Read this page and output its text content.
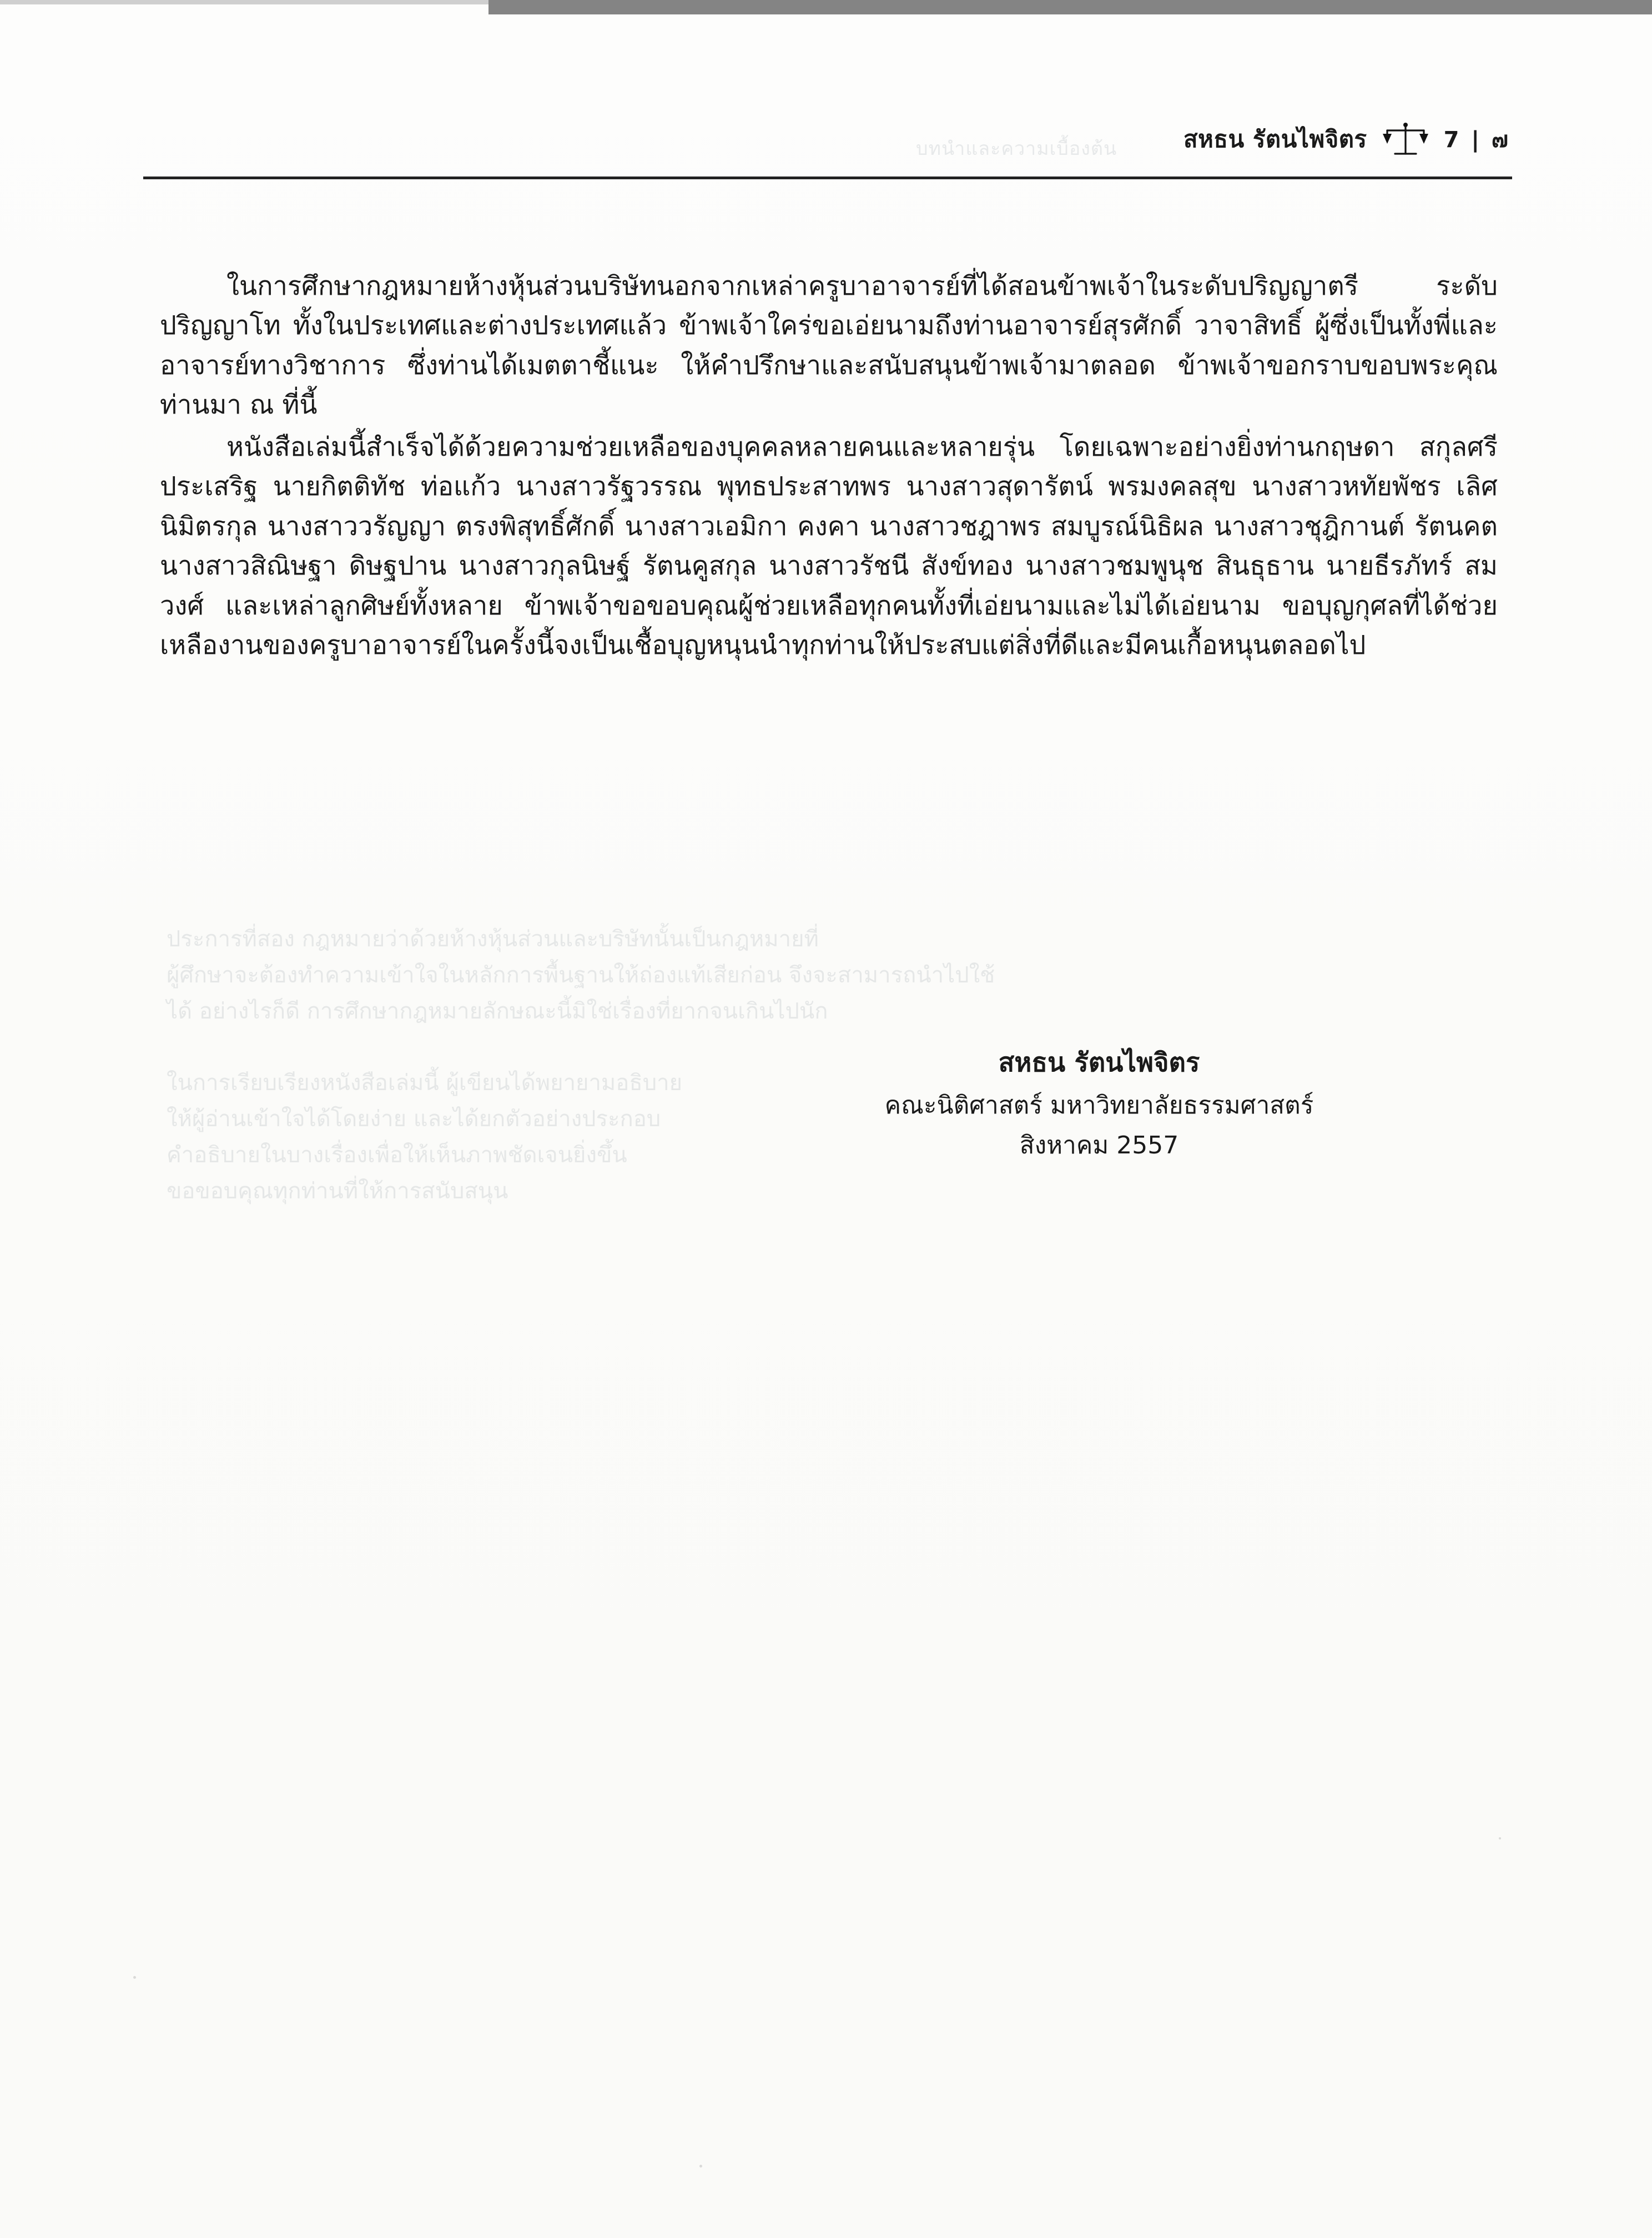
บทนำและความเบื้องต้น	สหธน รัตนไพจิตร	7 | ๗
ประการที่สอง กฎหมายว่าด้วยห้างหุ้นส่วนและบริษัทนั้นเป็นกฎหมายที่
ผู้ศึกษาจะต้องทำความเข้าใจในหลักการพื้นฐานให้ถ่องแท้เสียก่อน จึงจะสามารถนำไปใช้
ได้ อย่างไรก็ดี การศึกษากฎหมายลักษณะนี้มิใช่เรื่องที่ยากจนเกินไปนัก

ในการเรียบเรียงหนังสือเล่มนี้ ผู้เขียนได้พยายามอธิบาย
ให้ผู้อ่านเข้าใจได้โดยง่าย และได้ยกตัวอย่างประกอบ
คำอธิบายในบางเรื่องเพื่อให้เห็นภาพชัดเจนยิ่งขึ้น
ขอขอบคุณทุกท่านที่ให้การสนับสนุน

ในการศึกษากฎหมายห้างหุ้นส่วนบริษัทนอกจากเหล่าครูบาอาจารย์ที่ได้สอนข้าพเจ้าในระดับปริญญาตรี ระดับปริญญาโท ทั้งในประเทศและต่างประเทศแล้ว ข้าพเจ้าใคร่ขอเอ่ยนามถึงท่านอาจารย์สุรศักดิ์ วาจาสิทธิ์ ผู้ซึ่งเป็นทั้งพี่และอาจารย์ทางวิชาการ ซึ่งท่านได้เมตตาชี้แนะ ให้คำปรึกษาและสนับสนุนข้าพเจ้ามาตลอด ข้าพเจ้าขอกราบขอบพระคุณท่านมา ณ ที่นี้

หนังสือเล่มนี้สำเร็จได้ด้วยความช่วยเหลือของบุคคลหลายคนและหลายรุ่น โดยเฉพาะอย่างยิ่งท่านกฤษดา สกุลศรีประเสริฐ นายกิตติทัช ท่อแก้ว นางสาวรัฐวรรณ พุทธประสาทพร นางสาวสุดารัตน์ พรมงคลสุข นางสาวหทัยพัชร เลิศนิมิตรกุล นางสาววรัญญา ตรงพิสุทธิ์ศักดิ์ นางสาวเอมิกา คงคา นางสาวชฎาพร สมบูรณ์นิธิผล นางสาวชุฎิกานต์ รัตนคต นางสาวสิณิษฐา ดิษฐปาน นางสาวกุลนิษฐ์ รัตนคูสกุล นางสาวรัชนี สังข์ทอง นางสาวชมพูนุช สินธุธาน นายธีรภัทร์ สมวงศ์ และเหล่าลูกศิษย์ทั้งหลาย ข้าพเจ้าขอขอบคุณผู้ช่วยเหลือทุกคนทั้งที่เอ่ยนามและไม่ได้เอ่ยนาม ขอบุญกุศลที่ได้ช่วยเหลืองานของครูบาอาจารย์ในครั้งนี้จงเป็นเชื้อบุญหนุนนำทุกท่านให้ประสบแต่สิ่งที่ดีและมีคนเกื้อหนุนตลอดไป

สหธน รัตนไพจิตร
คณะนิติศาสตร์ มหาวิทยาลัยธรรมศาสตร์
สิงหาคม 2557
